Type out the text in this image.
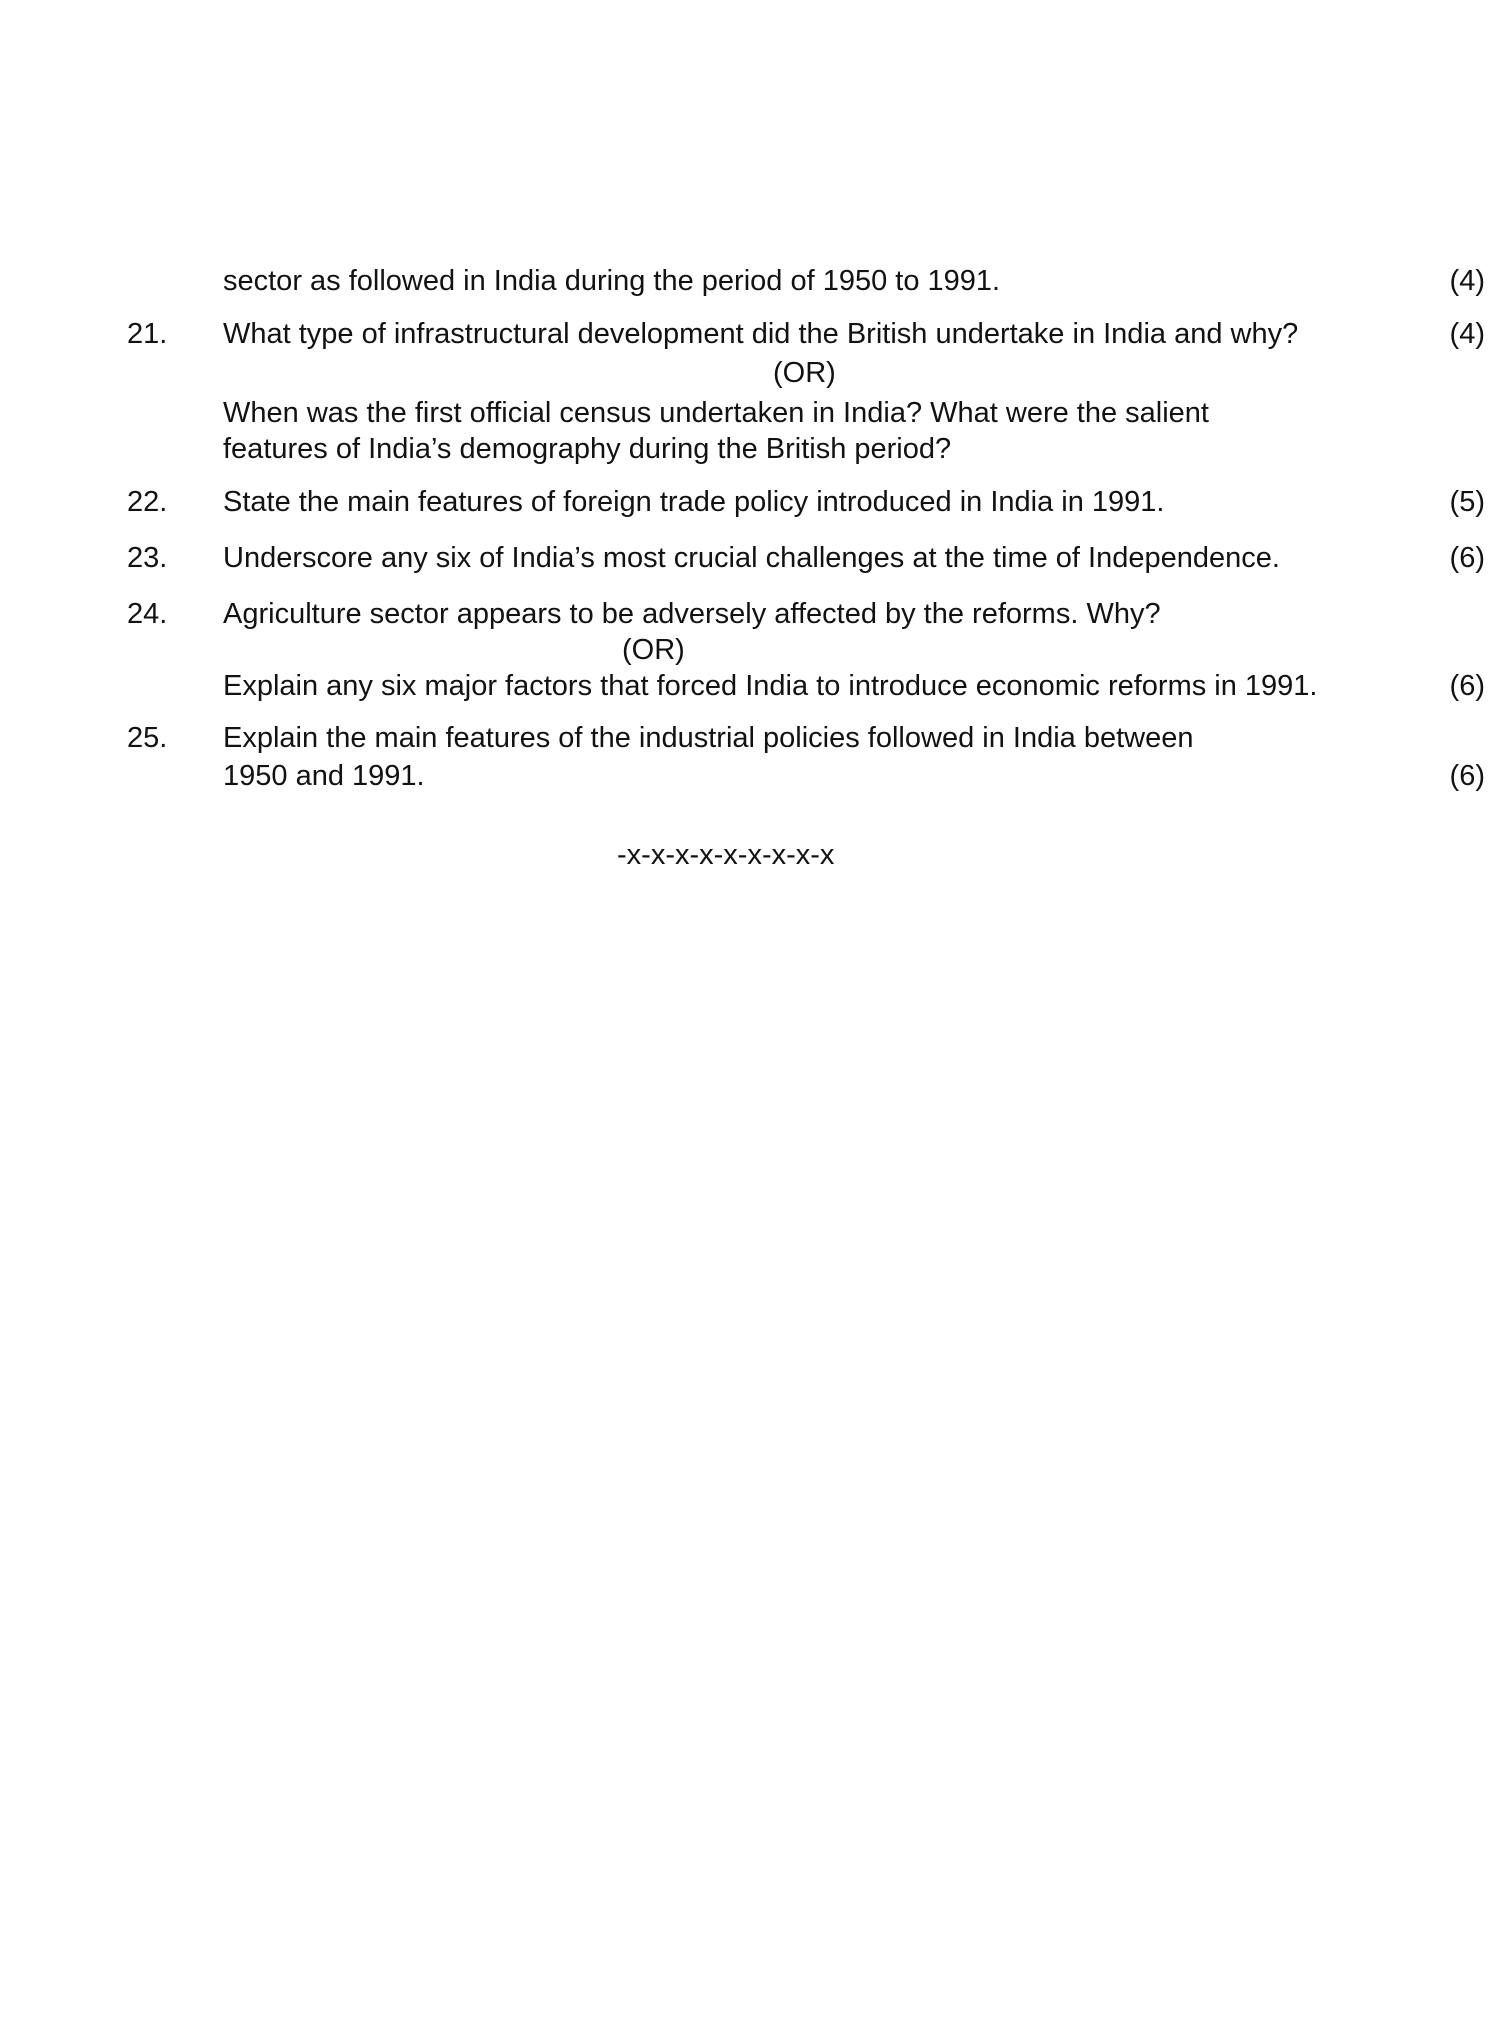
sector as followed in India during the period of 1950 to 1991.	(4)
21. What type of infrastructural development did the British undertake in India and why?	(4)
(OR)
When was the first official census undertaken in India? What were the salient
features of India’s demography during the British period?
22. State the main features of foreign trade policy introduced in India in 1991.	(5)
23. Underscore any six of India’s most crucial challenges at the time of Independence.	(6)
24. Agriculture sector appears to be adversely affected by the reforms. Why?
(OR)
Explain any six major factors that forced India to introduce economic reforms in 1991.	(6)
25. Explain the main features of the industrial policies followed in India between
1950 and 1991.	(6)
-x-x-x-x-x-x-x-x-x
